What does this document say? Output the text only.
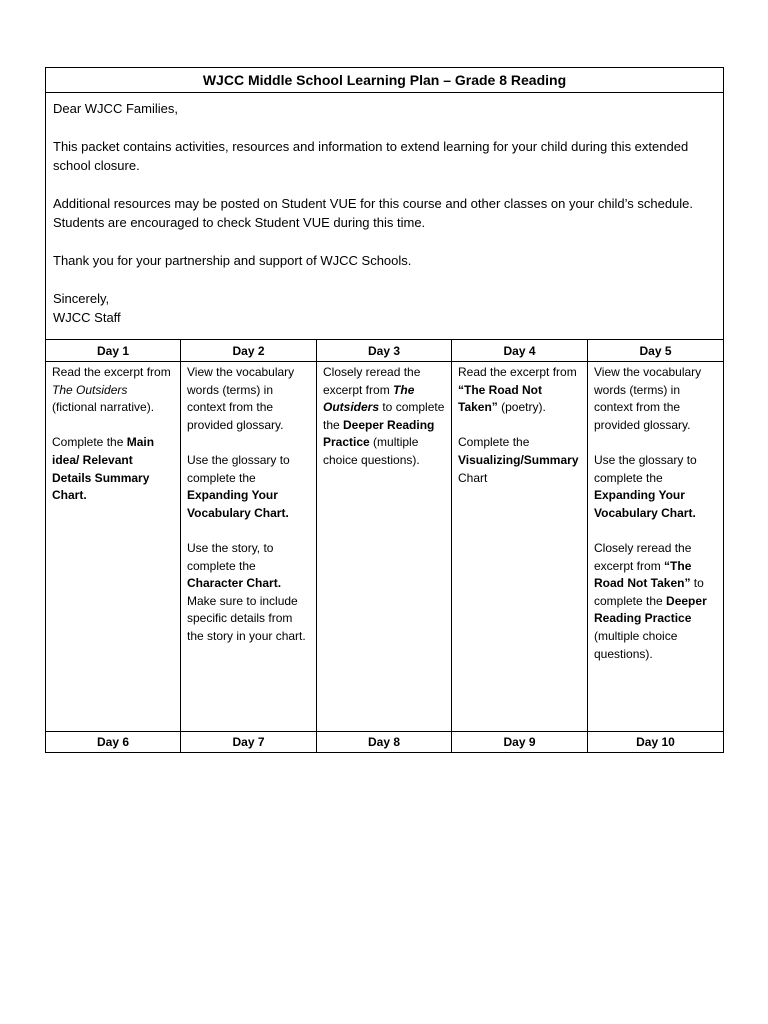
WJCC Middle School Learning Plan – Grade 8 Reading

Dear WJCC Families,

This packet contains activities, resources and information to extend learning for your child during this extended school closure.

Additional resources may be posted on Student VUE for this course and other classes on your child’s schedule. Students are encouraged to check Student VUE during this time.

Thank you for your partnership and support of WJCC Schools.

Sincerely,
WJCC Staff

Day 1

Read the excerpt from The Outsiders (fictional narrative).

Complete the Main idea/ Relevant Details Summary Chart.

Day 6
Day 2

View the vocabulary words (terms) in context from the provided glossary.

Use the glossary to complete the Expanding Your Vocabulary Chart.

Use the story, to complete the Character Chart. Make sure to include specific details from the story in your chart.

Day 7
Day 3

Closely reread the excerpt from The Outsiders to complete the Deeper Reading Practice (multiple choice questions).

Day 8
Day 4

Read the excerpt from “The Road Not Taken” (poetry).

Complete the Visualizing/Summary Chart

Day 9
Day 5

View the vocabulary words (terms) in context from the provided glossary.

Use the glossary to complete the Expanding Your Vocabulary Chart.

Closely reread the excerpt from “The Road Not Taken” to complete the Deeper Reading Practice (multiple choice questions).

Day 10
